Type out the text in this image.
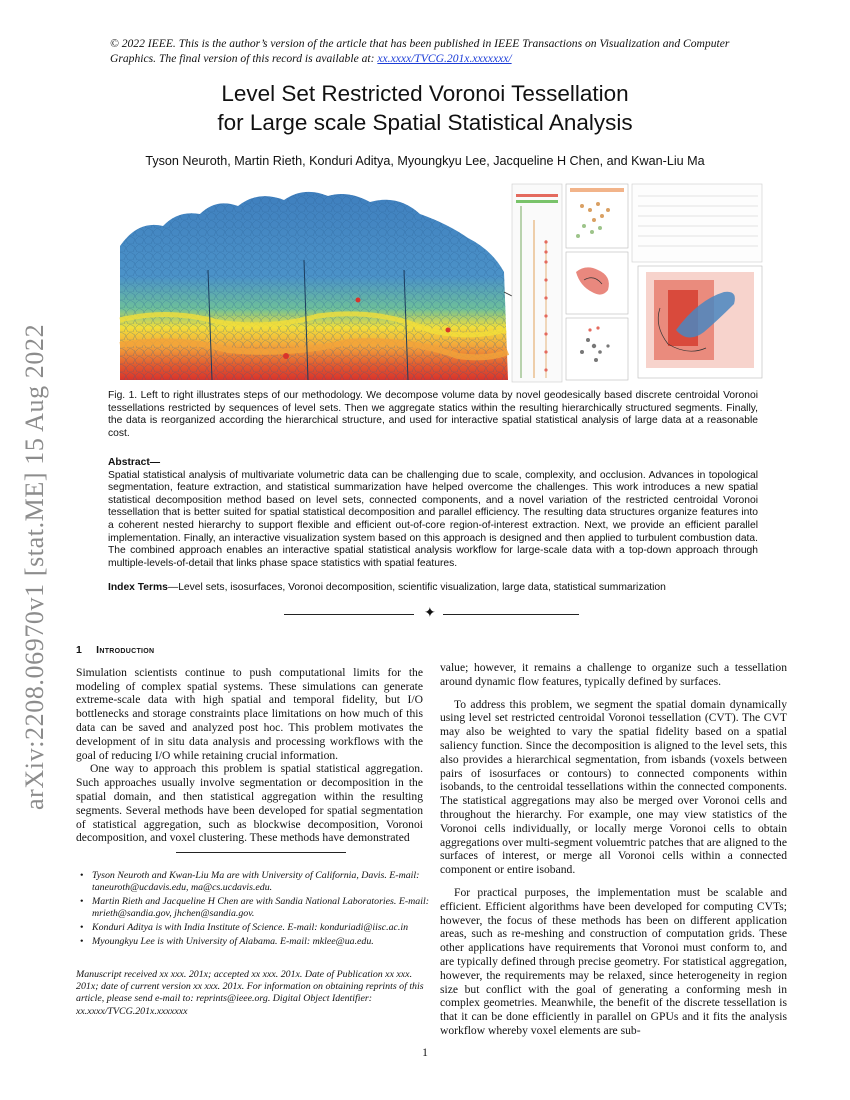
© 2022 IEEE. This is the author’s version of the article that has been published in IEEE Transactions on Visualization and Computer Graphics. The final version of this record is available at: xx.xxxx/TVCG.201x.xxxxxxx/
Level Set Restricted Voronoi Tessellation
for Large scale Spatial Statistical Analysis
Tyson Neuroth, Martin Rieth, Konduri Aditya, Myoungkyu Lee, Jacqueline H Chen, and Kwan-Liu Ma
arXiv:2208.06970v1 [stat.ME] 15 Aug 2022	Fig. 1. Left to right illustrates steps of our methodology. We decompose volume data by novel geodesically based discrete centroidal Voronoi tessellations restricted by sequences of level sets. Then we aggregate statics within the resulting hierarchically structured segments. Finally, the data is reorganized according the hierarchical structure, and used for interactive spatial statistical analysis of large data at a reasonable cost.
Abstract—
Spatial statistical analysis of multivariate volumetric data can be challenging due to scale, complexity, and occlusion. Advances in topological segmentation, feature extraction, and statistical summarization have helped overcome the challenges. This work introduces a new spatial statistical decomposition method based on level sets, connected components, and a novel variation of the restricted centroidal Voronoi tessellation that is better suited for spatial statistical decomposition and parallel efficiency. The resulting data structures organize features into a coherent nested hierarchy to support flexible and efficient out-of-core region-of-interest extraction. Next, we provide an efficient parallel implementation. Finally, an interactive visualization system based on this approach is designed and then applied to turbulent combustion data. The combined approach enables an interactive spatial statistical analysis workflow for large-scale data with a top-down approach through multiple-levels-of-detail that links phase space statistics with spatial features.
Index Terms—Level sets, isosurfaces, Voronoi decomposition, scientific visualization, large data, statistical summarization
✦

1 Introduction

Simulation scientists continue to push computational limits for the modeling of complex spatial systems. These simulations can generate extreme-scale data with high spatial and temporal fidelity, but I/O bottlenecks and storage constraints place limitations on how much of this data can be saved and analyzed post hoc. This problem motivates the development of in situ data analysis and processing workflows with the goal of reducing I/O while retaining crucial information.

One way to approach this problem is spatial statistical aggregation. Such approaches usually involve segmentation or decomposition in the spatial domain, and then statistical aggregation within the resulting segments. Several methods have been developed for spatial segmentation of statistical aggregation, such as blockwise decomposition, Voronoi decomposition, and voxel clustering. These methods have demonstrated

• Tyson Neuroth and Kwan-Liu Ma are with University of California, Davis. E-mail: taneuroth@ucdavis.edu, ma@cs.ucdavis.edu.
• Martin Rieth and Jacqueline H Chen are with Sandia National Laboratories. E-mail: mrieth@sandia.gov, jhchen@sandia.gov.
• Konduri Aditya is with India Institute of Science. E-mail: konduriadi@iisc.ac.in
• Myoungkyu Lee is with University of Alabama. E-mail: mklee@ua.edu.
Manuscript received xx xxx. 201x; accepted xx xxx. 201x. Date of Publication xx xxx. 201x; date of current version xx xxx. 201x. For information on obtaining reprints of this article, please send e-mail to: reprints@ieee.org. Digital Object Identifier: xx.xxxx/TVCG.201x.xxxxxxx

value; however, it remains a challenge to organize such a tessellation around dynamic flow features, typically defined by surfaces.

To address this problem, we segment the spatial domain dynamically using level set restricted centroidal Voronoi tessellation (CVT). The CVT may also be weighted to vary the spatial fidelity based on a spatial saliency function. Since the decomposition is aligned to the level sets, this also provides a hierarchical segmentation, from isbands (voxels between pairs of isosurfaces or contours) to connected components within isobands, to the centroidal tessellations within the connected components. The statistical aggregations may also be merged over Voronoi cells and throughout the hierarchy. For example, one may view statistics of the Voronoi cells individually, or locally merge Voronoi cells to obtain aggregations over multi-segment voluemtric patches that are aligned to the surfaces of interest, or merge all Voronoi cells within a connected component or entire isoband.

For practical purposes, the implementation must be scalable and efficient. Efficient algorithms have been developed for computing CVTs; however, the focus of these methods has been on different application areas, such as re-meshing and construction of computation grids. These other applications have requirements that Voronoi must conform to, and are typically defined through precise geometry. For statistical aggregation, however, the requirements may be relaxed, since heterogeneity in region size but conflict with the goal of generating a conforming mesh in complex geometries. Meanwhile, the benefit of the discrete tessellation is that it can be done efficiently in parallel on GPUs and it fits the analysis workflow whereby voxel elements are sub-

1
